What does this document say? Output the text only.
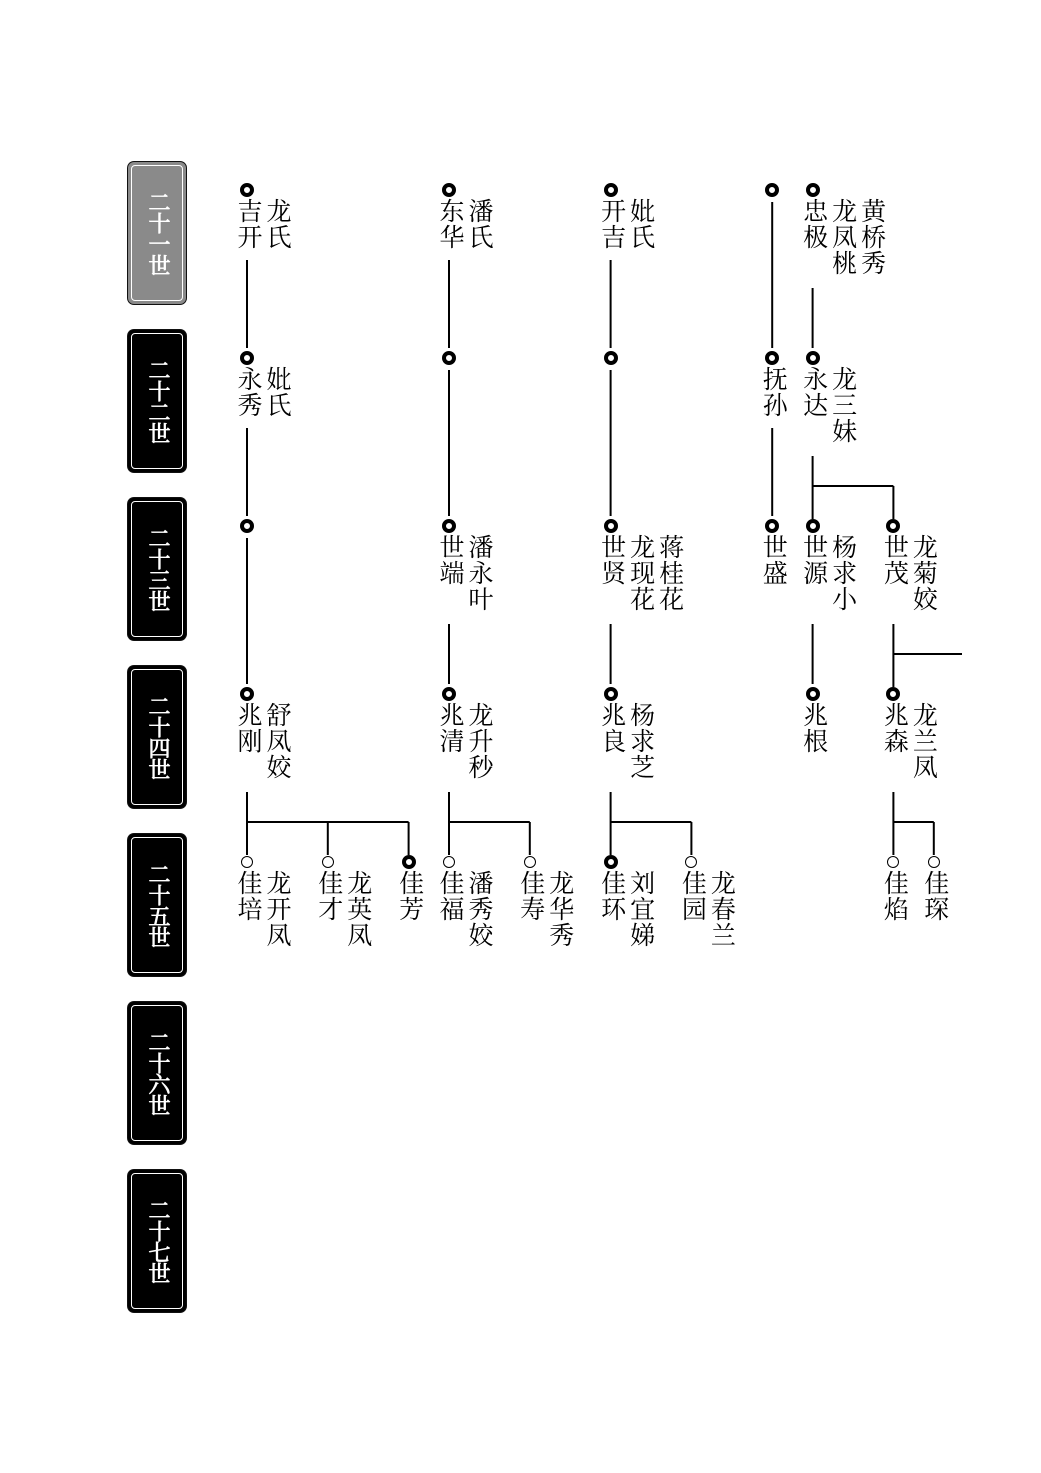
二十一世
二十二世
二十三世
二十四世
二十五世
二十六世
二十七世
吉开 龙氏	东华 潘氏	开吉 妣氏	忠极 龙凤桃 黄桥秀
永秀 妣氏	抚孙 永达 龙三妹
世端 潘永叶	世贤 龙现花 蒋桂花	世盛 世源 杨求小 世茂 龙菊姣
兆刚 舒凤姣	兆清 龙升秒	兆良 杨求芝	兆根 兆森 龙兰凤
佳培 龙开凤 佳才 龙英凤 佳芳 佳福 潘秀姣 佳寿 龙华秀 佳环 刘宜娣 佳园 龙春兰	佳焰 佳琛
